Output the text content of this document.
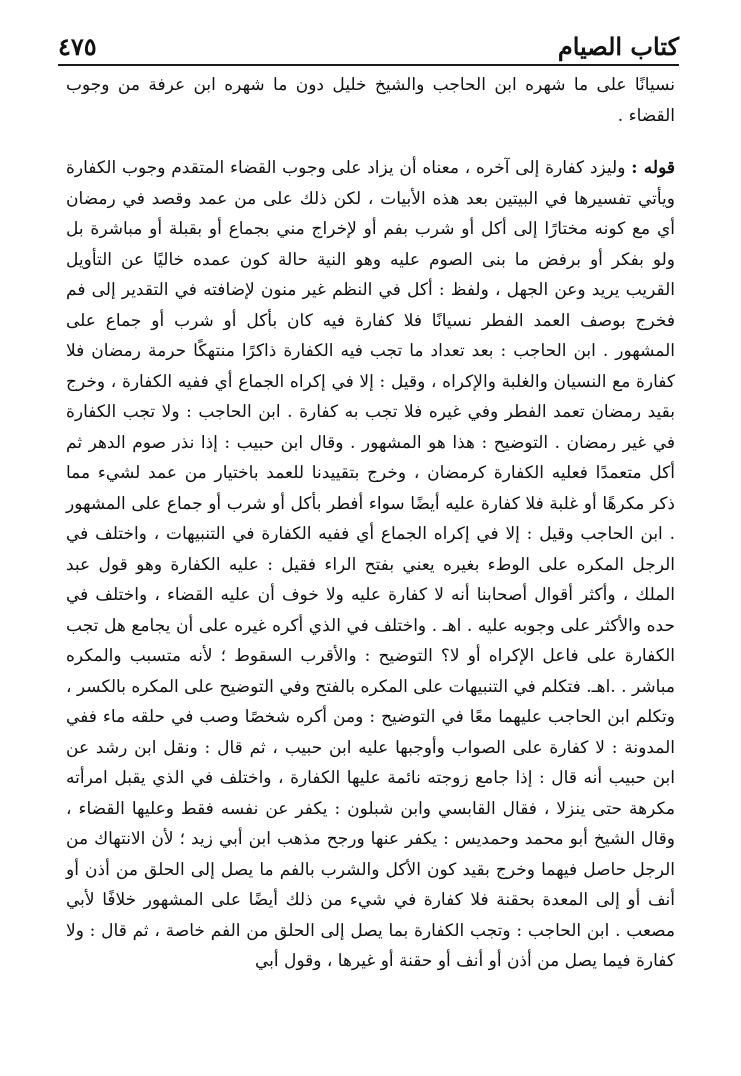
كتاب الصيام
٤٧٥

نسيانًا على ما شهره ابن الحاجب والشيخ خليل دون ما شهره ابن عرفة من وجوب القضاء .

قوله : وليزد كفارة إلى آخره ، معناه أن يزاد على وجوب القضاء المتقدم وجوب الكفارة ويأتي تفسيرها في البيتين بعد هذه الأبيات ، لكن ذلك على من عمد وقصد في رمضان أي مع كونه مختارًا إلى أكل أو شرب بفم أو لإخراج مني بجماع أو بقبلة أو مباشرة بل ولو بفكر أو برفض ما بنى الصوم عليه وهو النية حالة كون عمده خاليًا عن التأويل القريب يريد وعن الجهل ، ولفظ : أكل في النظم غير منون لإضافته في التقدير إلى فم فخرج بوصف العمد الفطر نسيانًا فلا كفارة فيه كان بأكل أو شرب أو جماع على المشهور . ابن الحاجب : بعد تعداد ما تجب فيه الكفارة ذاكرًا منتهكًا حرمة رمضان فلا كفارة مع النسيان والغلبة والإكراه ، وقيل : إلا في إكراه الجماع أي ففيه الكفارة ، وخرج بقيد رمضان تعمد الفطر وفي غيره فلا تجب به كفارة . ابن الحاجب : ولا تجب الكفارة في غير رمضان . التوضيح : هذا هو المشهور . وقال ابن حبيب : إذا نذر صوم الدهر ثم أكل متعمدًا فعليه الكفارة كرمضان ، وخرج بتقييدنا للعمد باختيار من عمد لشيء مما ذكر مكرهًا أو غلبة فلا كفارة عليه أيضًا سواء أفطر بأكل أو شرب أو جماع على المشهور . ابن الحاجب وقيل : إلا في إكراه الجماع أي ففيه الكفارة في التنبيهات ، واختلف في الرجل المكره على الوطء بغيره يعني بفتح الراء فقيل : عليه الكفارة وهو قول عبد الملك ، وأكثر أقوال أصحابنا أنه لا كفارة عليه ولا خوف أن عليه القضاء ، واختلف في حده والأكثر على وجوبه عليه . اهـ . واختلف في الذي أكره غيره على أن يجامع هل تجب الكفارة على فاعل الإكراه أو لا؟ التوضيح : والأقرب السقوط ؛ لأنه متسبب والمكره مباشر . .اهـ. فتكلم في التنبيهات على المكره بالفتح وفي التوضيح على المكره بالكسر ، وتكلم ابن الحاجب عليهما معًا في التوضيح : ومن أكره شخصًا وصب في حلقه ماء ففي المدونة : لا كفارة على الصواب وأوجبها عليه ابن حبيب ، ثم قال : ونقل ابن رشد عن ابن حبيب أنه قال : إذا جامع زوجته نائمة عليها الكفارة ، واختلف في الذي يقبل امرأته مكرهة حتى ينزلا ، فقال القابسي وابن شبلون : يكفر عن نفسه فقط وعليها القضاء ، وقال الشيخ أبو محمد وحمديس : يكفر عنها ورجح مذهب ابن أبي زيد ؛ لأن الانتهاك من الرجل حاصل فيهما وخرج بقيد كون الأكل والشرب بالفم ما يصل إلى الحلق من أذن أو أنف أو إلى المعدة بحقنة فلا كفارة في شيء من ذلك أيضًا على المشهور خلافًا لأبي مصعب . ابن الحاجب : وتجب الكفارة بما يصل إلى الحلق من الفم خاصة ، ثم قال : ولا كفارة فيما يصل من أذن أو أنف أو حقنة أو غيرها ، وقول أبي
